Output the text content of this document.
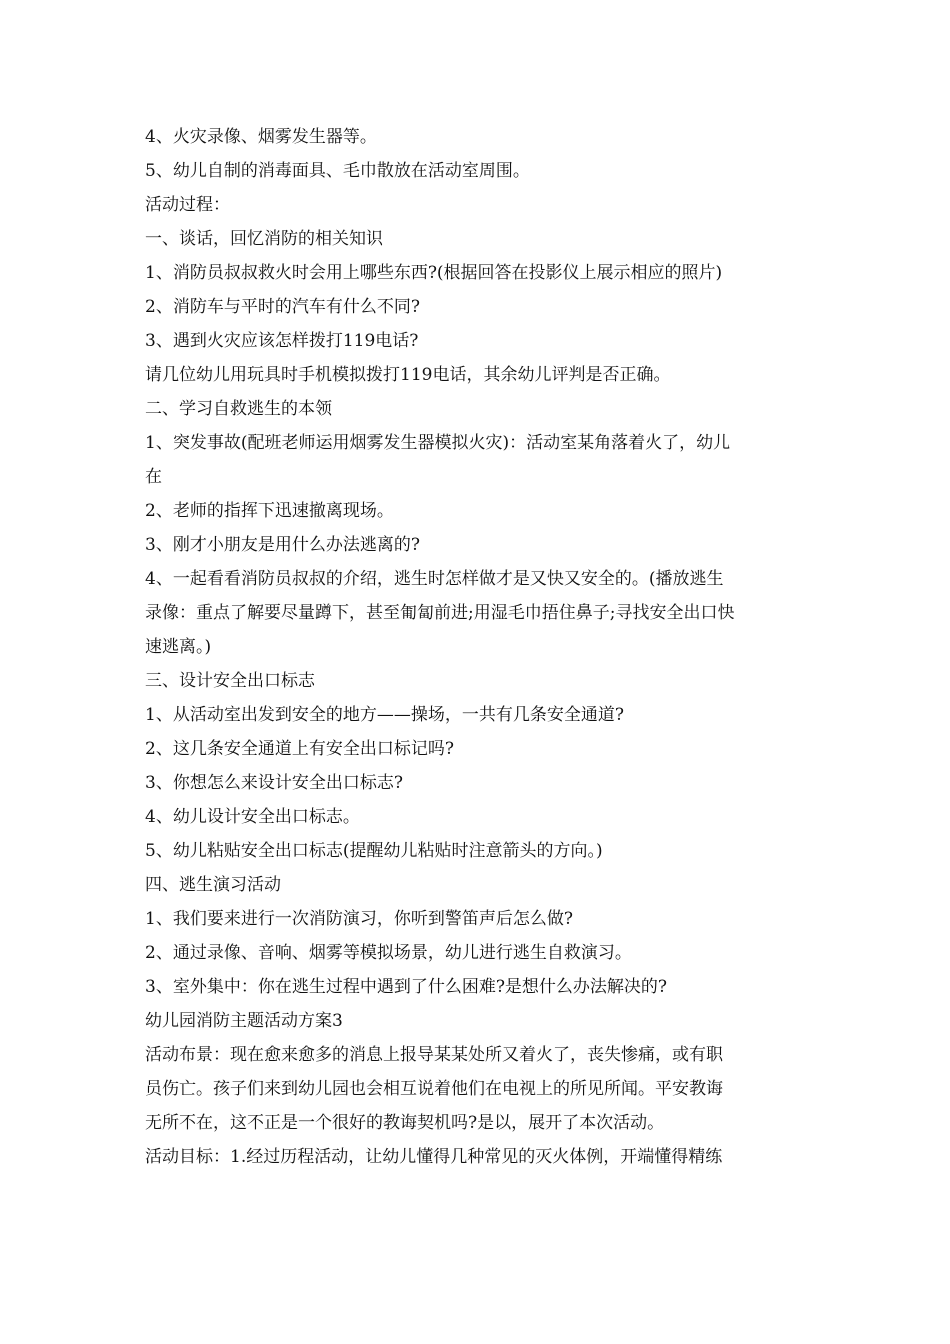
4、火灾录像、烟雾发生器等。
5、幼儿自制的消毒面具、毛巾散放在活动室周围。
活动过程：
一、谈话，回忆消防的相关知识
1、消防员叔叔救火时会用上哪些东西?(根据回答在投影仪上展示相应的照片)
2、消防车与平时的汽车有什么不同?
3、遇到火灾应该怎样拨打119电话?
请几位幼儿用玩具时手机模拟拨打119电话，其余幼儿评判是否正确。
二、学习自救逃生的本领
1、突发事故(配班老师运用烟雾发生器模拟火灾)：活动室某角落着火了，幼儿
在
2、老师的指挥下迅速撤离现场。
3、刚才小朋友是用什么办法逃离的?
4、一起看看消防员叔叔的介绍，逃生时怎样做才是又快又安全的。(播放逃生
录像：重点了解要尽量蹲下，甚至匍匐前进;用湿毛巾捂住鼻子;寻找安全出口快
速逃离。)
三、设计安全出口标志
1、从活动室出发到安全的地方——操场，一共有几条安全通道?
2、这几条安全通道上有安全出口标记吗?
3、你想怎么来设计安全出口标志?
4、幼儿设计安全出口标志。
5、幼儿粘贴安全出口标志(提醒幼儿粘贴时注意箭头的方向。)
四、逃生演习活动
1、我们要来进行一次消防演习，你听到警笛声后怎么做?
2、通过录像、音响、烟雾等模拟场景，幼儿进行逃生自救演习。
3、室外集中：你在逃生过程中遇到了什么困难?是想什么办法解决的?
幼儿园消防主题活动方案3
活动布景：现在愈来愈多的消息上报导某某处所又着火了，丧失惨痛，或有职
员伤亡。孩子们来到幼儿园也会相互说着他们在电视上的所见所闻。平安教诲
无所不在，这不正是一个很好的教诲契机吗?是以，展开了本次活动。
活动目标：1.经过历程活动，让幼儿懂得几种常见的灭火体例，开端懂得精练
